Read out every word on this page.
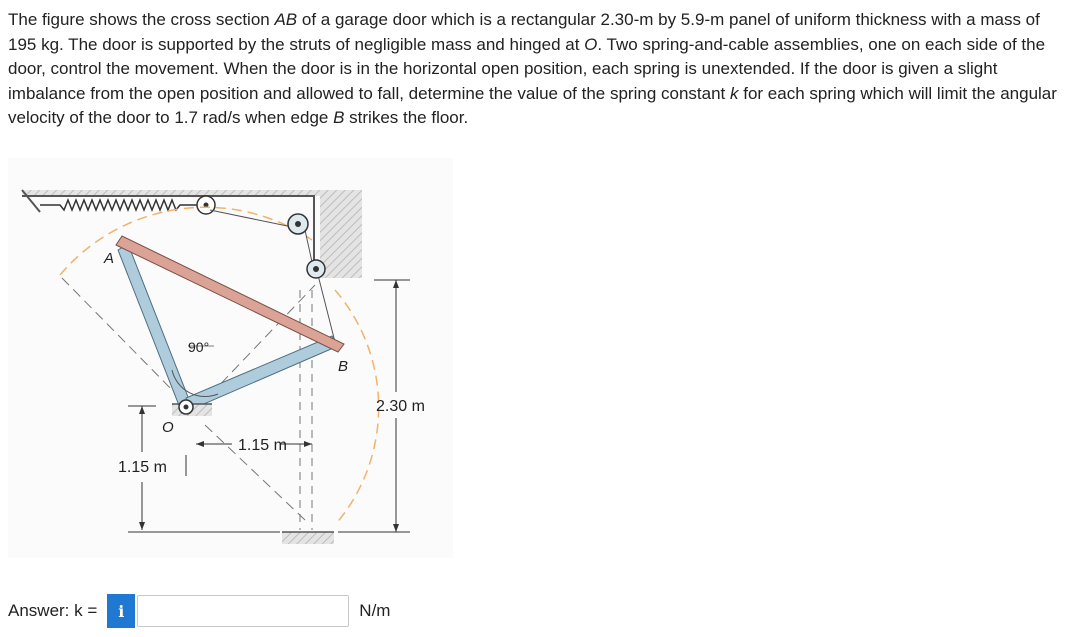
The figure shows the cross section AB of a garage door which is a rectangular 2.30-m by 5.9-m panel of uniform thickness with a mass of 195 kg. The door is supported by the struts of negligible mass and hinged at O. Two spring-and-cable assemblies, one on each side of the door, control the movement. When the door is in the horizontal open position, each spring is unextended. If the door is given a slight imbalance from the open position and allowed to fall, determine the value of the spring constant k for each spring which will limit the angular velocity of the door to 1.7 rad/s when edge B strikes the floor.

90°
A
B
O
1.15 m
1.15 m
2.30 m
Answer: k =	i	N/m
